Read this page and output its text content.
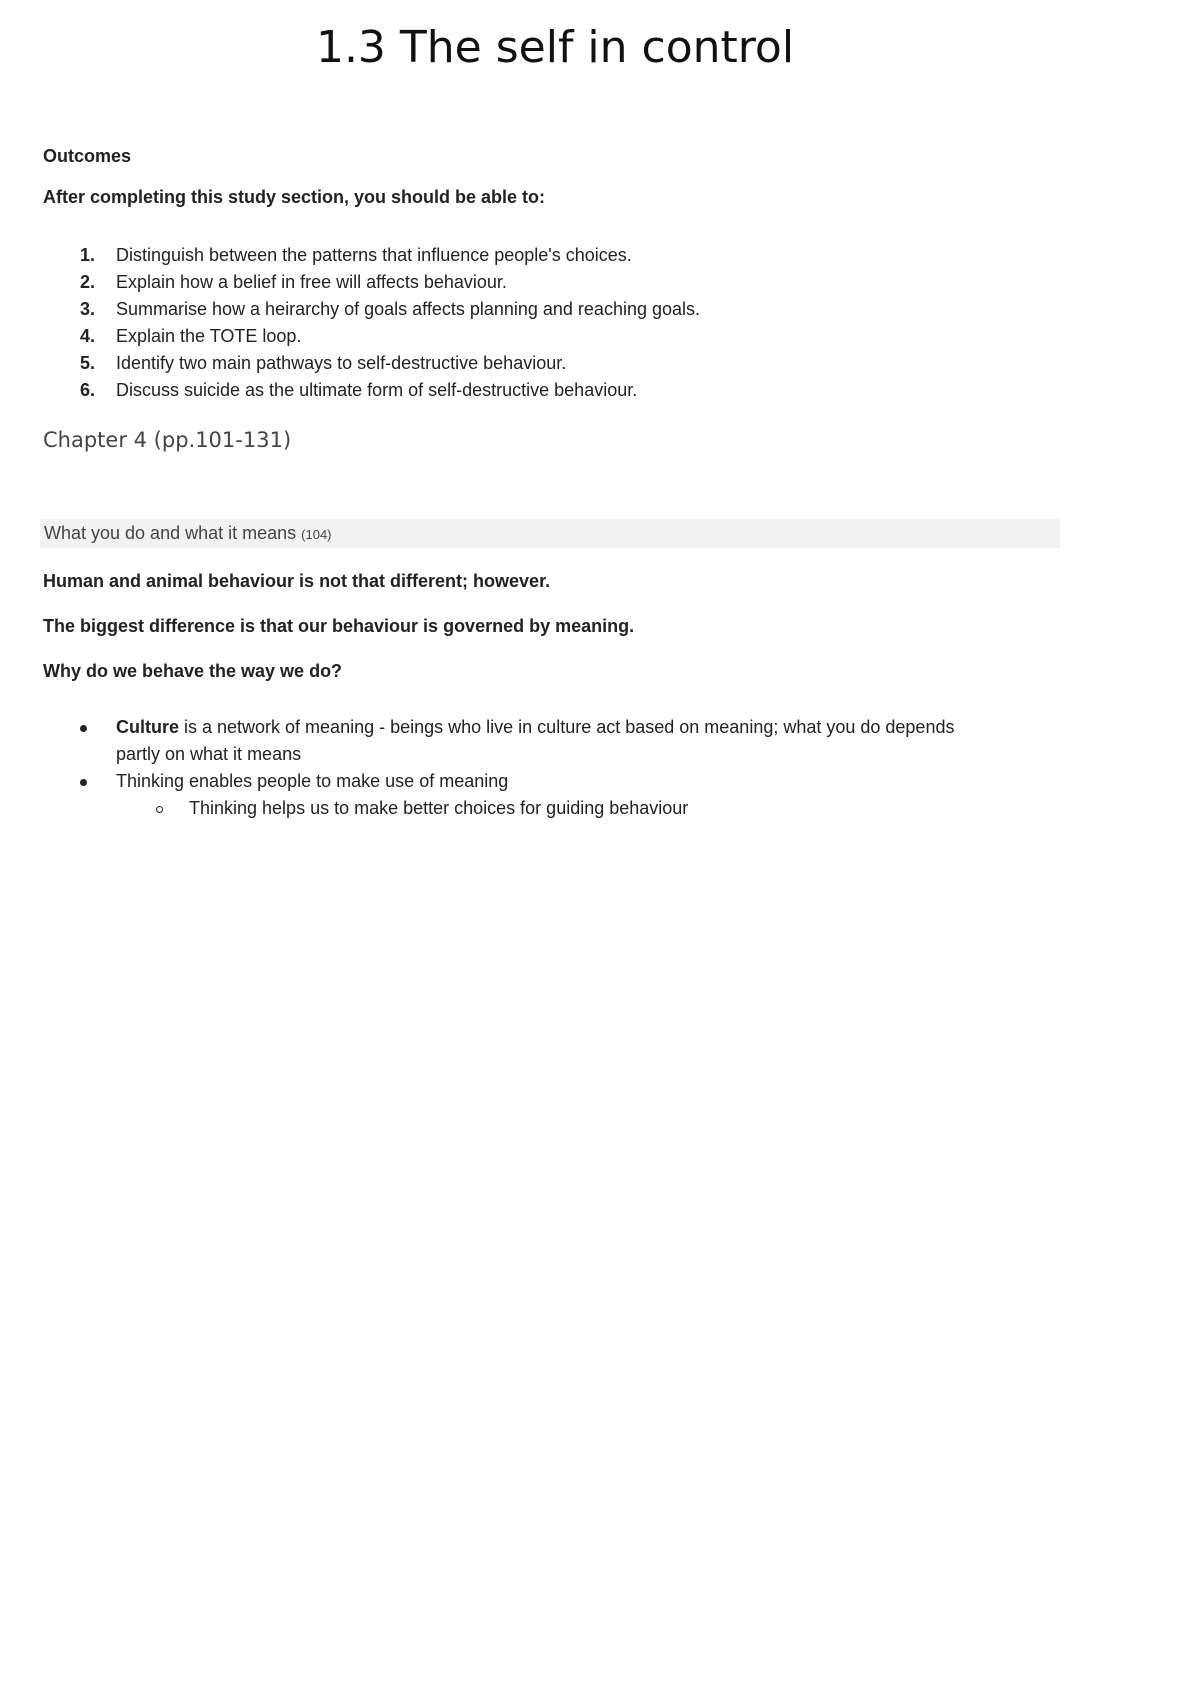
1.3 The self in control

Outcomes

After completing this study section, you should be able to:

1. Distinguish between the patterns that influence people's choices.
2. Explain how a belief in free will affects behaviour.
3. Summarise how a heirarchy of goals affects planning and reaching goals.
4. Explain the TOTE loop.
5. Identify two main pathways to self-destructive behaviour.
6. Discuss suicide as the ultimate form of self-destructive behaviour.

Chapter 4 (pp.101-131)

What you do and what it means (104)

Human and animal behaviour is not that different; however.

The biggest difference is that our behaviour is governed by meaning.

Why do we behave the way we do?

Culture is a network of meaning - beings who live in culture act based on meaning; what you do depends partly on what it means
Thinking enables people to make use of meaning
Thinking helps us to make better choices for guiding behaviour
